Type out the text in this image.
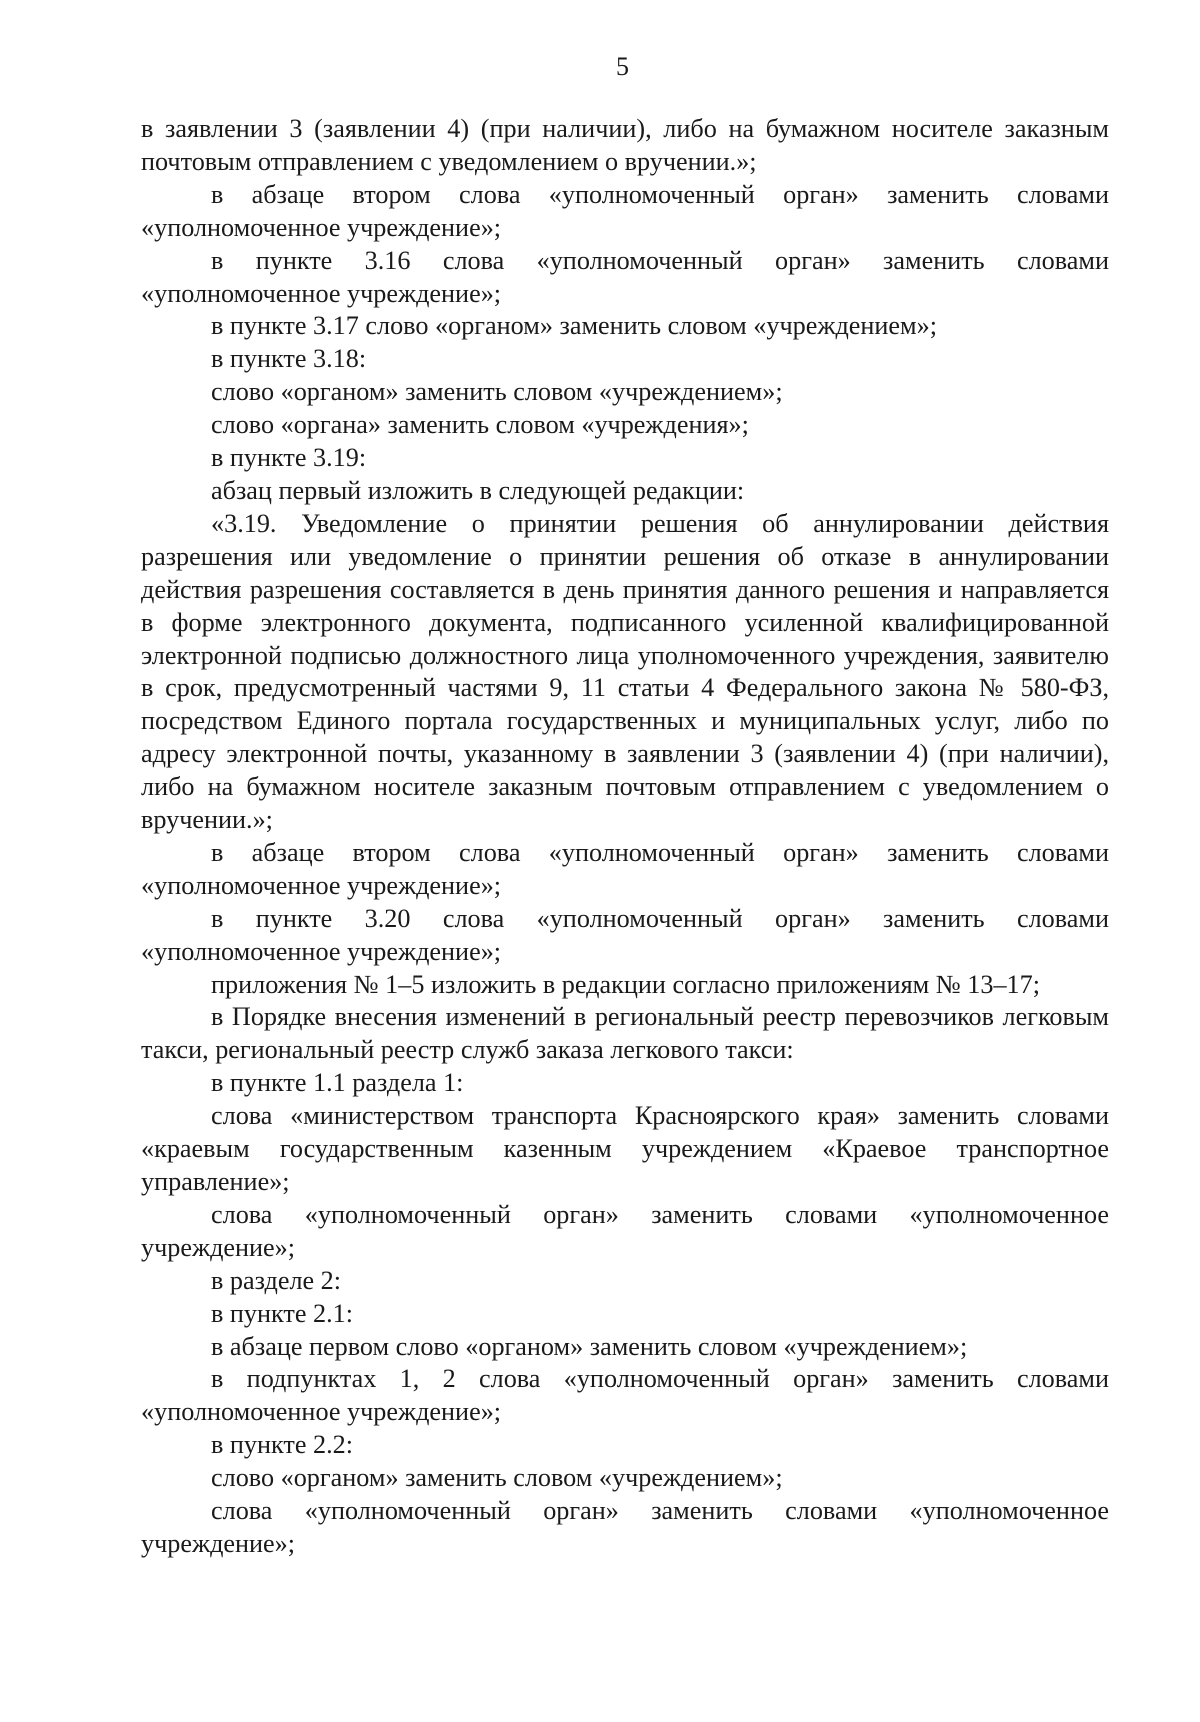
5

в заявлении 3 (заявлении 4) (при наличии), либо на бумажном носителе заказным почтовым отправлением с уведомлением о вручении.»;

в абзаце втором слова «уполномоченный орган» заменить словами «уполномоченное учреждение»;

в пункте 3.16 слова «уполномоченный орган» заменить словами «уполномоченное учреждение»;

в пункте 3.17 слово «органом» заменить словом «учреждением»;

в пункте 3.18:

слово «органом» заменить словом «учреждением»;

слово «органа» заменить словом «учреждения»;

в пункте 3.19:

абзац первый изложить в следующей редакции:

«3.19. Уведомление о принятии решения об аннулировании действия разрешения или уведомление о принятии решения об отказе в аннулировании действия разрешения составляется в день принятия данного решения и направляется в форме электронного документа, подписанного усиленной квалифицированной электронной подписью должностного лица уполномоченного учреждения, заявителю в срок, предусмотренный частями 9, 11 статьи 4 Федерального закона № 580-ФЗ, посредством Единого портала государственных и муниципальных услуг, либо по адресу электронной почты, указанному в заявлении 3 (заявлении 4) (при наличии), либо на бумажном носителе заказным почтовым отправлением с уведомлением о вручении.»;

в абзаце втором слова «уполномоченный орган» заменить словами «уполномоченное учреждение»;

в пункте 3.20 слова «уполномоченный орган» заменить словами «уполномоченное учреждение»;

приложения № 1–5 изложить в редакции согласно приложениям № 13–17;

в Порядке внесения изменений в региональный реестр перевозчиков легковым такси, региональный реестр служб заказа легкового такси:

в пункте 1.1 раздела 1:

слова «министерством транспорта Красноярского края» заменить словами «краевым государственным казенным учреждением «Краевое транспортное управление»;

слова «уполномоченный орган» заменить словами «уполномоченное учреждение»;

в разделе 2:

в пункте 2.1:

в абзаце первом слово «органом» заменить словом «учреждением»;

в подпунктах 1, 2 слова «уполномоченный орган» заменить словами «уполномоченное учреждение»;

в пункте 2.2:

слово «органом» заменить словом «учреждением»;

слова «уполномоченный орган» заменить словами «уполномоченное учреждение»;
